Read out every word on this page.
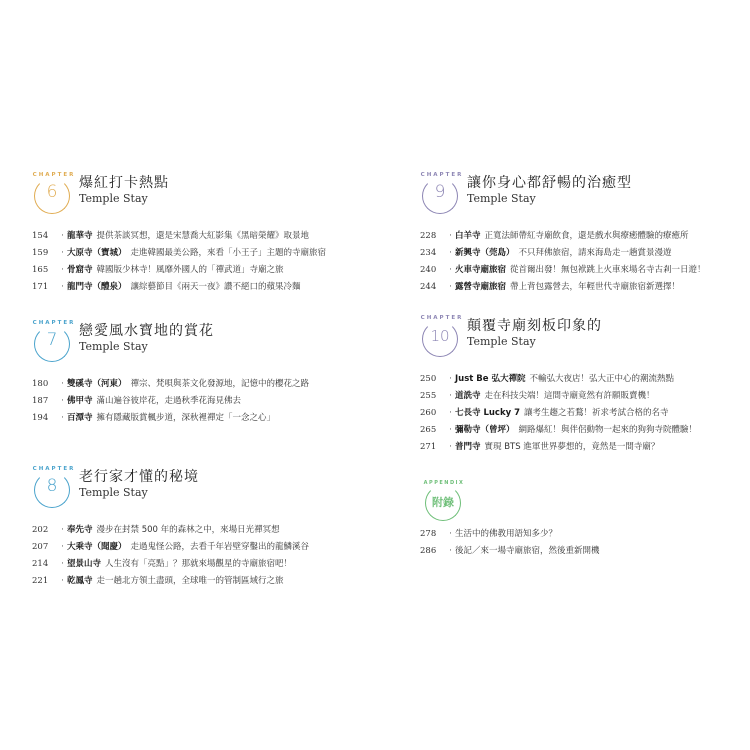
CHAPTER
6	爆紅打卡熱點
Temple Stay
154	· 龍華寺 提供茶談冥想，還是宋慧喬大紅影集《黑暗榮耀》取景地
159	· 大原寺（寶城） 走進韓國最美公路，來看「小王子」主題的寺廟旅宿
165	· 骨窟寺 韓國版少林寺！風靡外國人的「禪武道」寺廟之旅
171	· 龍門寺（醴泉） 讓綜藝節目《兩天一夜》讚不絕口的蘋果冷麵
CHAPTER
7	戀愛風水寶地的賞花
Temple Stay
180	· 雙磎寺（河東） 禪宗、梵唄與茶文化發源地，記憶中的櫻花之路
187	· 佛甲寺 滿山遍谷彼岸花，走過秋季花海見佛去
194	· 百潭寺 擁有隱藏版賞楓步道，深秋裡禪定「一念之心」
CHAPTER
8	老行家才懂的秘境
Temple Stay
202	· 奉先寺 漫步在封禁 500 年的森林之中，來場日光禪冥想
207	· 大乘寺（聞慶） 走過鬼怪公路，去看千年岩壁穿鑿出的龍鱗溪谷
214	· 望景山寺 人生沒有「亮點」？那就來場觀星的寺廟旅宿吧！
221	· 乾鳳寺 走一趟北方領土盡頭，全球唯一的管制區域行之旅
CHAPTER
9	讓你身心都舒暢的治癒型
Temple Stay
228	· 白羊寺 正寬法師帶紅寺廟飲食，還是戲水與療癒體驗的療癒所
234	· 新興寺（莞島） 不只拜佛旅宿，請來海島走一趟賞景漫遊
240	· 火車寺廟旅宿 從首爾出發！無包袱跳上火車來場名寺古剎一日遊！
244	· 露營寺廟旅宿 帶上背包露營去，年輕世代寺廟旅宿新選擇！
CHAPTER
10
顛覆寺廟刻板印象的
Temple Stay
250	· Just Be 弘大禪院 不輸弘大夜店！弘大正中心的潮流熱點
255	· 道詵寺 走在科技尖端！這間寺廟竟然有許願販賣機！
260	· 七長寺 Lucky 7 讓考生趨之若鶩！祈求考試合格的名寺
265	· 彌勒寺（曾坪） 網路爆紅！與伴侶動物一起來的狗狗寺院體驗！
271	· 普門寺 實現 BTS 進軍世界夢想的，竟然是一間寺廟？
APPENDIX
附錄
278	· 生活中的佛教用語知多少？
286	· 後記／來一場寺廟旅宿，然後重新開機
